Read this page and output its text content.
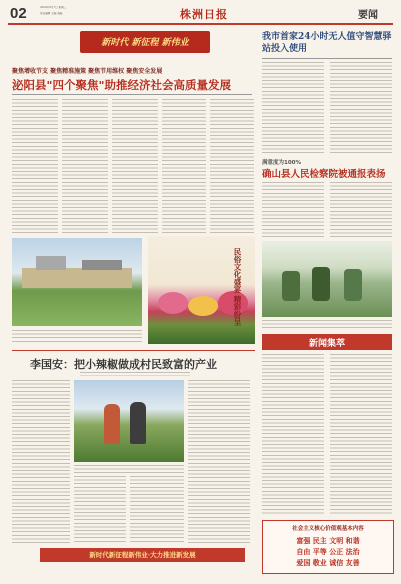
02	2024年8月7日 星期三
责任编辑 主编 美编	株洲日报	要闻
新时代 新征程 新伟业
聚焦增收节支 聚焦精准施策 聚焦节用维权 聚焦安全发展
泌阳县"四个聚焦"助推经济社会高质量发展
民俗文化盛宴 精彩纷呈
我市首家24小时无人值守智慧驿站投入使用
满意度为100%
确山县人民检察院被通报表扬
新闻集萃
李国安：把小辣椒做成村民致富的产业
社会主义核心价值观基本内容
富强 民主 文明 和谐
自由 平等 公正 法治
爱国 敬业 诚信 友善
新时代新征程新伟业·大力推进新发展
